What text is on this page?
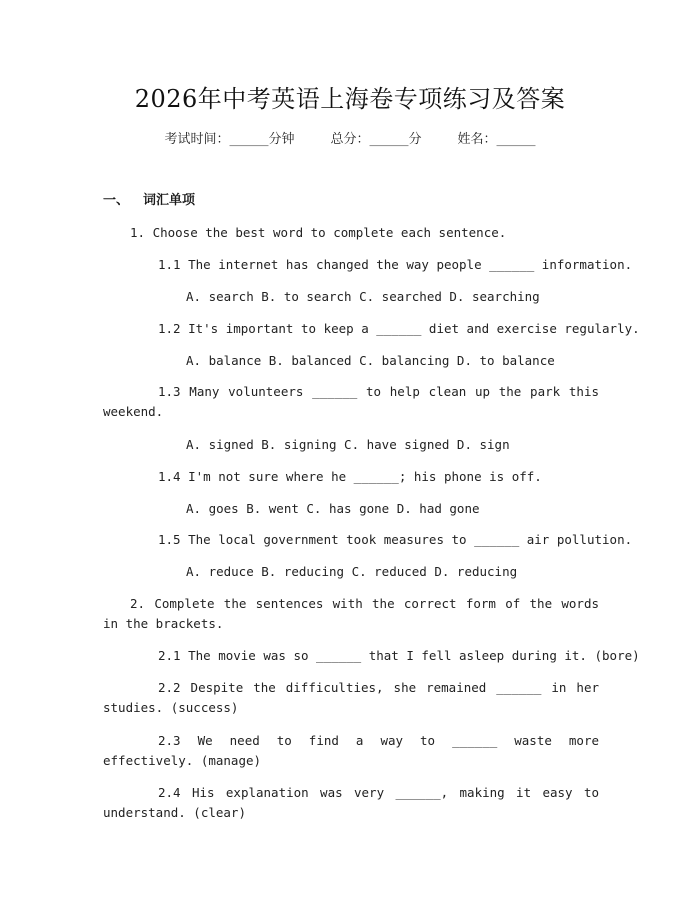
2026年中考英语上海卷专项练习及答案
考试时间：______分钟	总分：______分	姓名：______
一、 词汇单项
1. Choose the best word to complete each sentence.
1.1 The internet has changed the way people ______ information.
A. search B. to search C. searched D. searching
1.2 It's important to keep a ______ diet and exercise regularly.
A. balance B. balanced C. balancing D. to balance
1.3 Many volunteers ______ to help clean up the park this weekend.
A. signed B. signing C. have signed D. sign
1.4 I'm not sure where he ______; his phone is off.
A. goes B. went C. has gone D. had gone
1.5 The local government took measures to ______ air pollution.
A. reduce B. reducing C. reduced D. reducing
2. Complete the sentences with the correct form of the words in the brackets.
2.1 The movie was so ______ that I fell asleep during it. (bore)
2.2 Despite the difficulties, she remained ______ in her studies. (success)
2.3 We need to find a way to ______ waste more effectively. (manage)
2.4 His explanation was very ______, making it easy to understand. (clear)
